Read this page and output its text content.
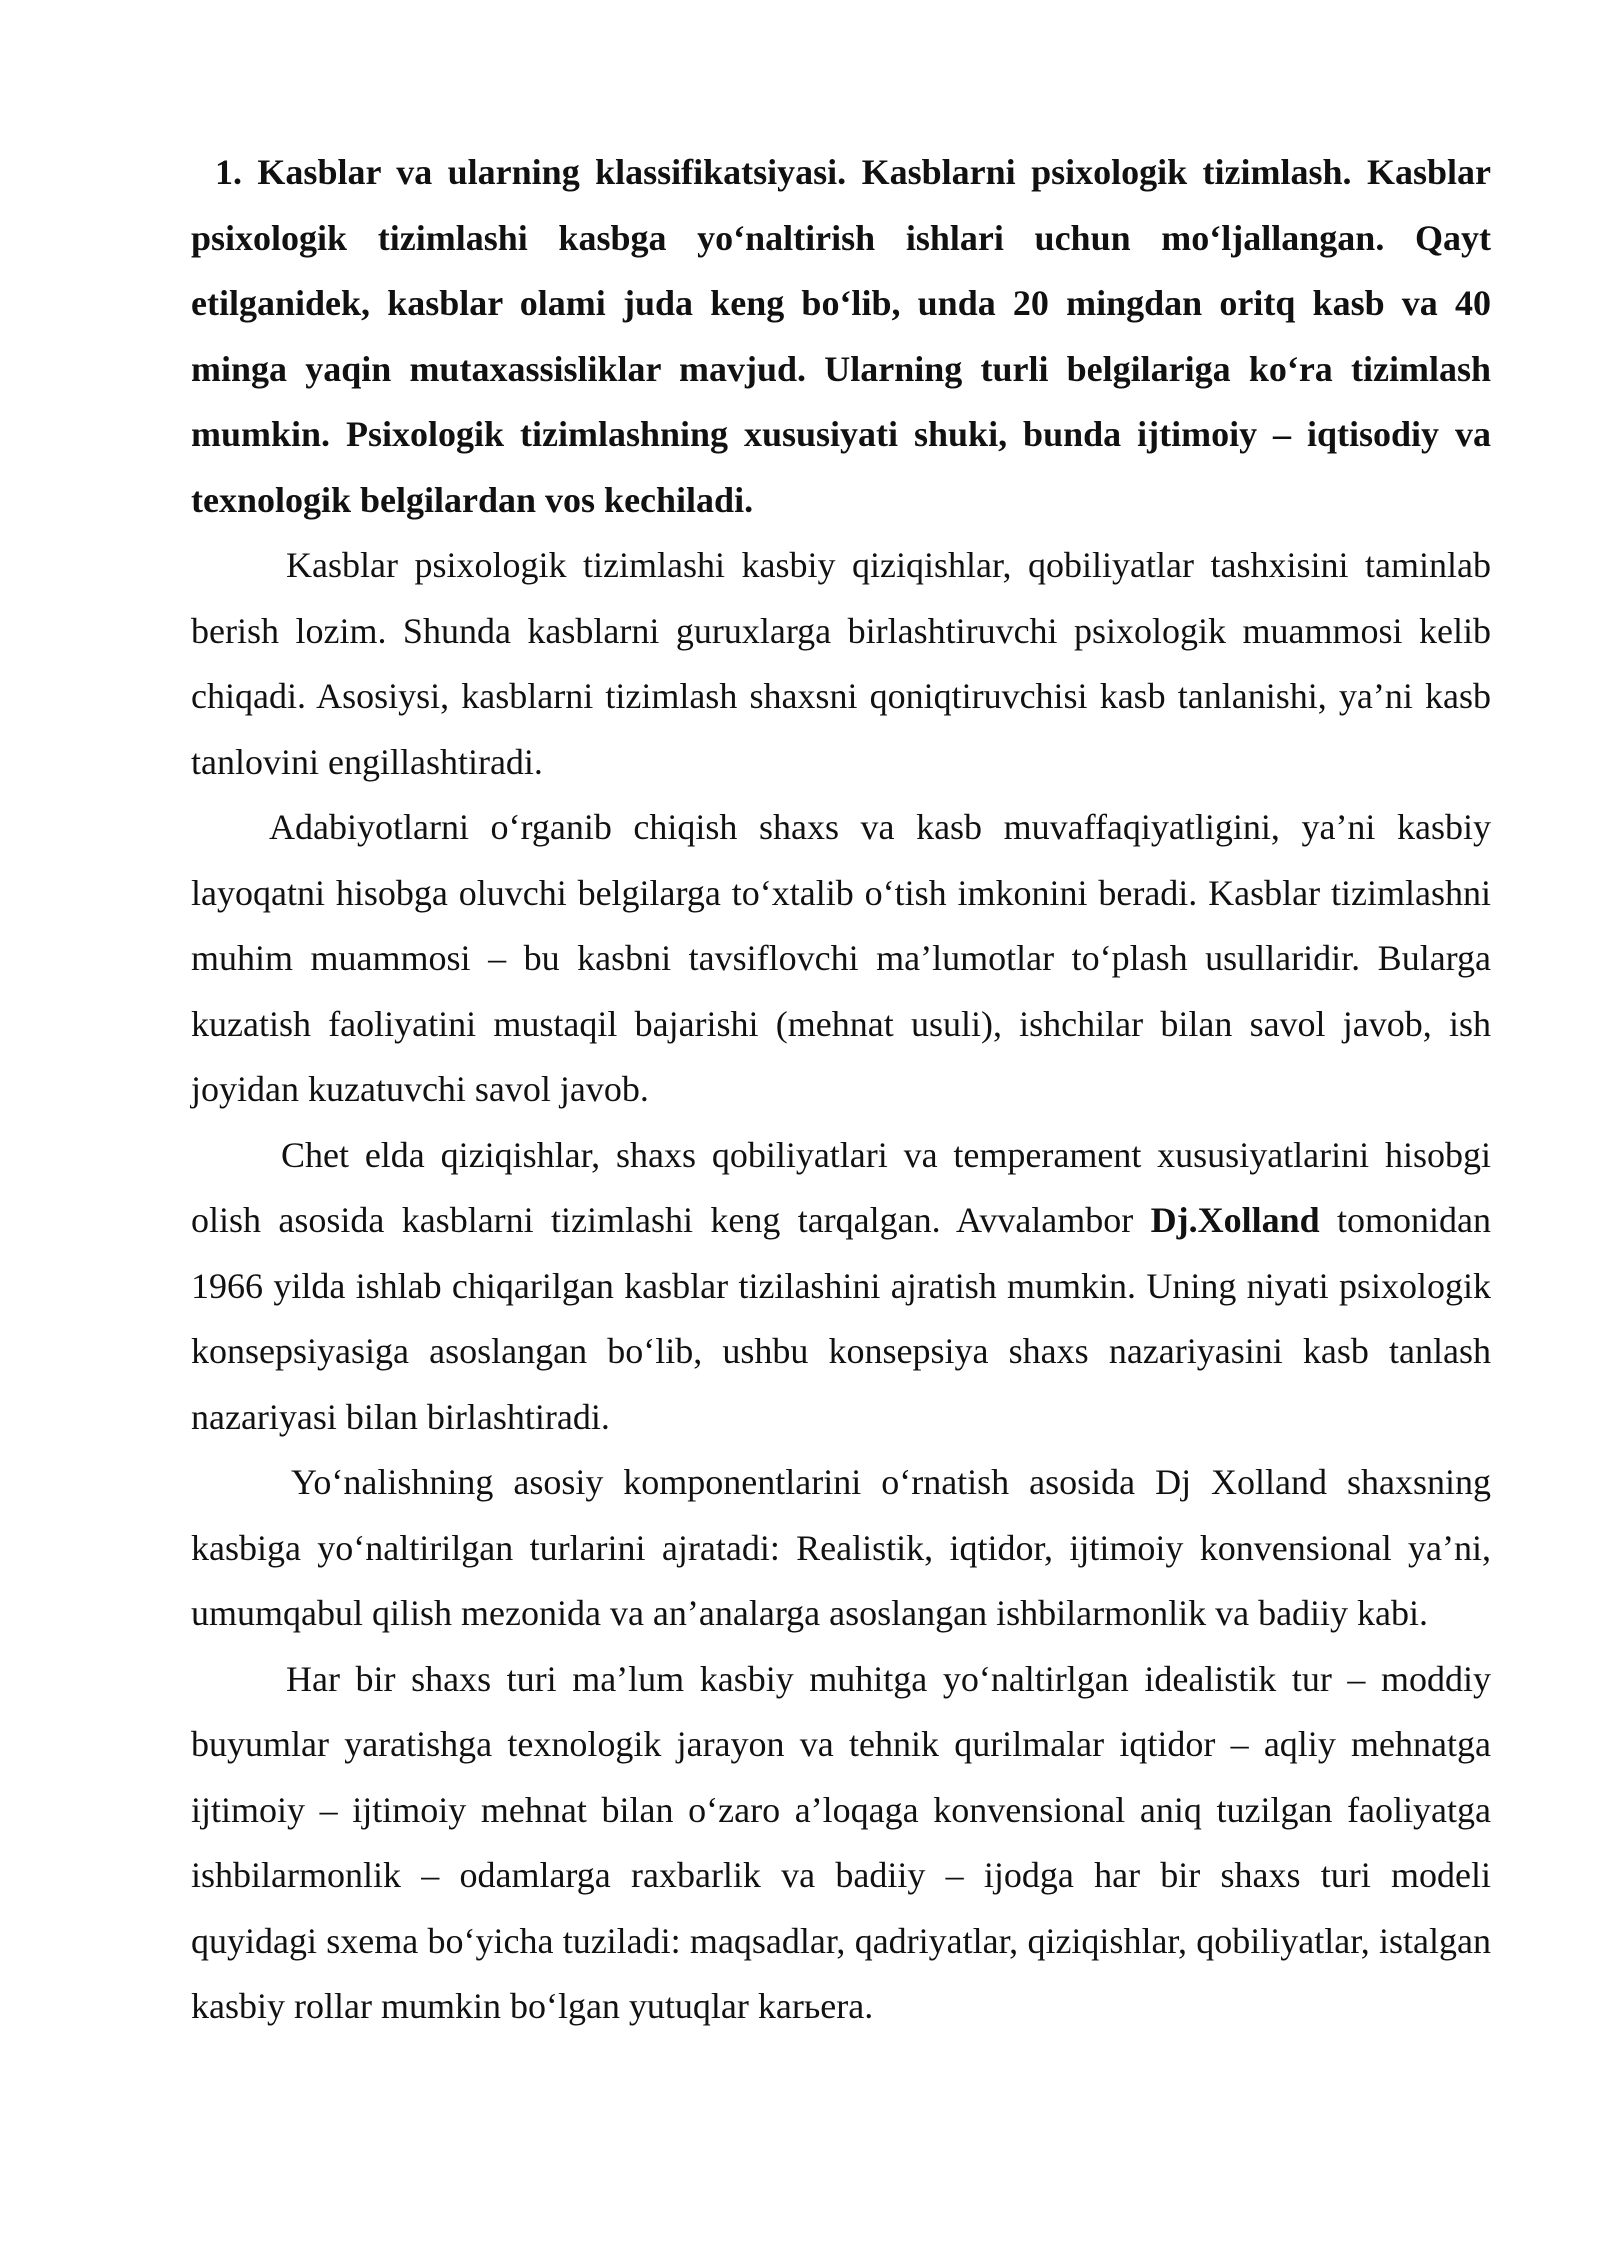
1. Kasblar va ularning klassifikatsiyasi. Kasblarni psixologik tizimlash. Kasblar psixologik tizimlashi kasbga yo‘naltirish ishlari uchun mo‘ljallangan. Qayt etilganidek, kasblar olami juda keng bo‘lib, unda 20 mingdan oritq kasb va 40 minga yaqin mutaxassisliklar mavjud. Ularning turli belgilariga ko‘ra tizimlash mumkin. Psixologik tizimlashning xususiyati shuki, bunda ijtimoiy – iqtisodiy va texnologik belgilardan vos kechiladi.

Kasblar psixologik tizimlashi kasbiy qiziqishlar, qobiliyatlar tashxisini taminlab berish lozim. Shunda kasblarni guruxlarga birlashtiruvchi psixologik muammosi kelib chiqadi. Asosiysi, kasblarni tizimlash shaxsni qoniqtiruvchisi kasb tanlanishi, ya’ni kasb tanlovini engillashtiradi.

Adabiyotlarni o‘rganib chiqish shaxs va kasb muvaffaqiyatligini, ya’ni kasbiy layoqatni hisobga oluvchi belgilarga to‘xtalib o‘tish imkonini beradi. Kasblar tizimlashni muhim muammosi – bu kasbni tavsiflovchi ma’lumotlar to‘plash usullaridir. Bularga kuzatish faoliyatini mustaqil bajarishi (mehnat usuli), ishchilar bilan savol javob, ish joyidan kuzatuvchi savol javob.

Chet elda qiziqishlar, shaxs qobiliyatlari va temperament xususiyatlarini hisobgi olish asosida kasblarni tizimlashi keng tarqalgan. Avvalambor Dj.Xolland tomonidan 1966 yilda ishlab chiqarilgan kasblar tizilashini ajratish mumkin. Uning niyati psixologik konsepsiyasiga asoslangan bo‘lib, ushbu konsepsiya shaxs nazariyasini kasb tanlash nazariyasi bilan birlashtiradi.

Yo‘nalishning asosiy komponentlarini o‘rnatish asosida Dj Xolland shaxsning kasbiga yo‘naltirilgan turlarini ajratadi: Realistik, iqtidor, ijtimoiy konvensional ya’ni, umumqabul qilish mezonida va an’analarga asoslangan ishbilarmonlik va badiiy kabi.

Har bir shaxs turi ma’lum kasbiy muhitga yo‘naltirlgan idealistik tur – moddiy buyumlar yaratishga texnologik jarayon va tehnik qurilmalar iqtidor – aqliy mehnatga ijtimoiy – ijtimoiy mehnat bilan o‘zaro a’loqaga konvensional aniq tuzilgan faoliyatga ishbilarmonlik – odamlarga raxbarlik va badiiy – ijodga har bir shaxs turi modeli quyidagi sxema bo‘yicha tuziladi: maqsadlar, qadriyatlar, qiziqishlar, qobiliyatlar, istalgan kasbiy rollar mumkin bo‘lgan yutuqlar karьera.
